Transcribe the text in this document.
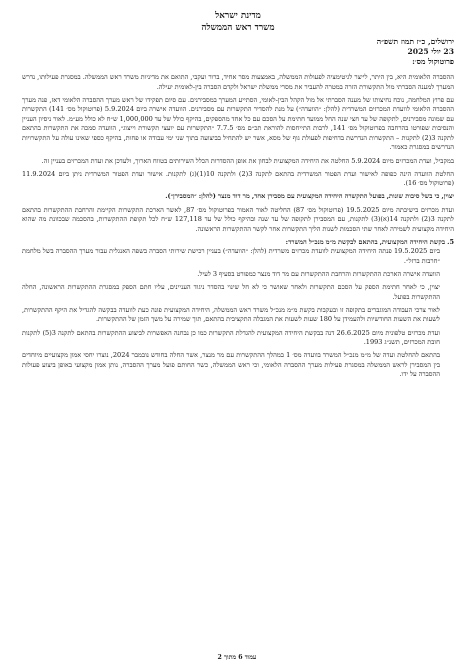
מדינת ישראל
משרד ראש הממשלה
ירושלים, כ״ז תמוז תשפ״ה
23 יולי 2025
פרוטוקול מס׳:

ההסברה הלאומית היא, בין היתר, לייצר לגיטימציה לפעולות הממשלה, באמצעות מסר אחיד, ברור ועקבי, התואם את מדיניות משרד ראש הממשלה. במסגרת פעילותו, נדרש המערך למענה הסברתי מול התקשורת הזרה במטרה להעביר את מסרי ממשלת ישראל ולקדם הסברה בין-לאומית יעילה.

עם פרוץ המלחמה, נוכח נחיצותו של מענה הסברתי אל מול הקהל הבין-לאומי, הסתייע המערך במסבירנים. עם סיום תפקידו של ראש מערך ההסברה הלאומי דאז, פנה מערך ההסברה הלאומי לוועדת המכרזים המשרדית (להלן: ״הוועדה״) על מנת להסדיר התקשרות עם מסבירנים. הוועדה אישרה ביום 5.9.2024 (פרוטוקול מס׳ 141) התקשרות עם שמונה מסבירנים, לתקופה של עד חצי שנה החל ממועד חתימת על הסכם עם כל אחד מהספקים, בהיקף כולל של עד 1,000,000 ש״ח לא כולל מע״מ. לאור ניסיון העניין והנסיבות שפורטו בהרחבה בפרוטוקול מס׳ 141, לרבות התייחסות להוראת תכ״ם מס׳ 7.7.5 ״התקשרות עם יועצי תקשורת וייצוג״, הוועדה סמכה את התקשרות בהתאם לתקנה 3(2) לתקנות – התקשרות הנדרשת בדחיפות לפעולת גוף של מסא, אשר יש להתחיל בביצועה בתוך שני ימי עבודה או פחות, בהיקף כספי שאינו עולה על התקשרויות הנדרשים במסגרת כאמור.

במקביל, ועדת המכרזים מיום 5.9.2024 החלטה את היחידה המקצועית לבחון את אופן ההסדרות הכלל השירותים בטווח הארוך, ולעדכן את ועדת המכרזים בעניין זה.

החלטת הוועדה הינה כפופה לאישור ועדת הפטור המשרדית בהתאם לתקנה 3(2) ולתקנה 10(1)(ג) לתקנות. אישור ועדת הפטור המשרדית ניתן ביום 11.9.2024 (פרוטוקול מס׳ 16).

יצוין, כי בשל סיבות שונות, בפועל התקשרה היחידה המקצועית עם מסבירן אחד, מר דוד מנצר (להלן: ״המסבירן״).

ועדת מכרזים בישיבתה מיום 19.5.2025 (פרוטוקול מס׳ 87) החליטה לאור האמור בפרוטוקול מס׳ 87, לאשר הארכת התקשרות הקיימת והרחבת ההתקשרות בהתאם לתקנה 3(2) ולתקנה 14(א)(3) לתקנות, עם המסבירן לתקופה של עד שנה ובהיקף כולל של עד 127,118 ש״ח לכל תקופת ההתקשרות, בהסכמה שבכוונת מה שהוא היחידה מקצועית לשמירה לאחר שתי הסכמות לשנות הליך התקשרות אחר לקשר ההתקשרות הראשונה.

5. בקשת היחידה המקצועית, בהתאם לבקשת מ״מ מנכ״ל המשרד:

ביום 19.5.2025 פנתה היחידה המקצועית לוועדת מכרזים משרדית (להלן: ״הוועדה״) בעניין רכישת שירותי הסברה בשפה האנגלית עבור מערך ההסברה בשל מלחמת ״חרבות ברזל״.

הוועדה אישרה הארכת ההתקשרות והרחבת ההתקשרות עם מר דוד מנצר כמפורט בסעיף 3 לעיל.

יצוין, כי לאחר חתימת הספק על הסכם התקשרות ולאחר שאושר כי לא חל שינוי בהסדר ניגוד העניינים, עליו חתם הספק במסגרת ההתקשרות הראשונה, החלה ההתקשרות בפועל.

לאור צרכי העבודה המוגברים בתקופה זו ובעקבות בקשת מ״מ מנכ״ל משרד ראש הממשלה, היחידה המקצועית פונה כעת לוועדה בבקשה להגדיל את היקף ההתקשרות, לשעות את השעות החודשיות ולהעמידן על 180 שעות לשעות את המגבלה התקציבית בהתאם, תוך שמירה על משך הזמן של ההתקשרות.

ועדת מכרזים טלפונית מיום 26.6.2025 דנה בבקשת היחידה המקצועית להגדלת התקשרות כמו כן נבחנה האפשרות לביצוע ההתקשרות בהתאם לתקנה 3(5) לתקנות חובת המכרזים, תשנ״ג 1993.

בהתאם להחלטת ועדה של מ״מ מנכ״ל המשרד בוועדה מס׳ 1 במהלך ההתקשרות עם מר מנצר, אשר החלה בחודש נובמבר 2024, נוצרו יחסי אמון מקצועיים מיוחדים בין המסבירן לראש הממשלה במסגרת פעילות מערך ההסברה הלאומי, וכי ראש הממשלה, כשר החותם פועל מערך ההסברה, נותן אמון מקצועי באופן ביצוע פעולות ההסברה על ידו.

עמוד 6 מתוך 2
